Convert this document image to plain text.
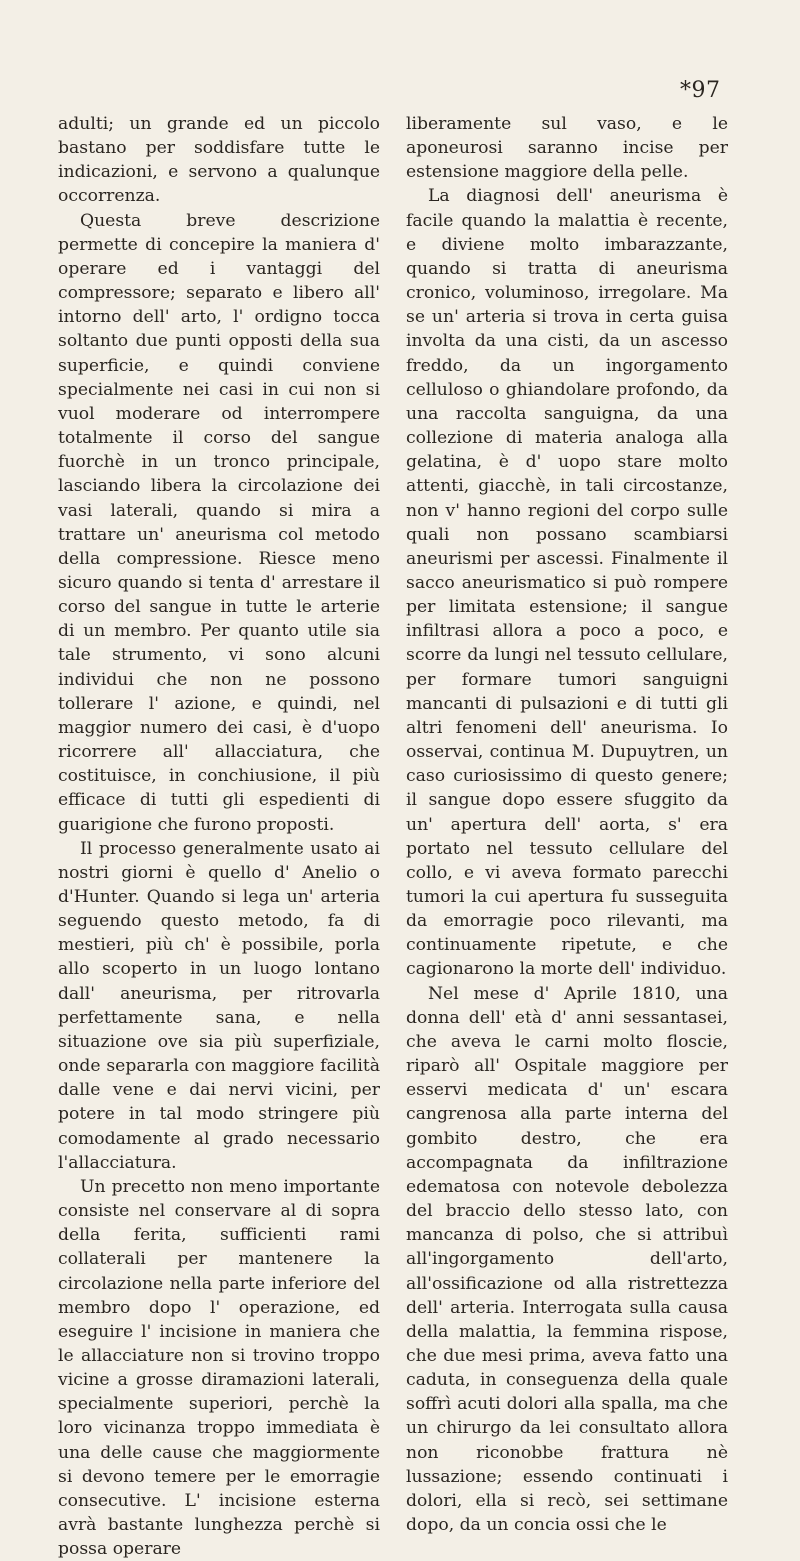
*97

adulti; un grande ed un piccolo bastano per soddisfare tutte le indicazioni, e servono a qualunque occorrenza.

Questa breve descrizione permette di concepire la maniera d' operare ed i vantaggi del compressore; separato e libero all' intorno dell' arto, l' ordigno tocca soltanto due punti opposti della sua superficie, e quindi conviene specialmente nei casi in cui non si vuol moderare od interrompere totalmente il corso del sangue fuorchè in un tronco principale, lasciando libera la circolazione dei vasi laterali, quando si mira a trattare un' aneurisma col metodo della compressione. Riesce meno sicuro quando si tenta d' arrestare il corso del sangue in tutte le arterie di un membro. Per quanto utile sia tale strumento, vi sono alcuni individui che non ne possono tollerare l' azione, e quindi, nel maggior numero dei casi, è d'uopo ricorrere all' allacciatura, che costituisce, in conchiusione, il più efficace di tutti gli espedienti di guarigione che furono proposti.

Il processo generalmente usato ai nostri giorni è quello d' Anelio o d'Hunter. Quando si lega un' arteria seguendo questo metodo, fa di mestieri, più ch' è possibile, porla allo scoperto in un luogo lontano dall' aneurisma, per ritrovarla perfettamente sana, e nella situazione ove sia più superfiziale, onde separarla con maggiore facilità dalle vene e dai nervi vicini, per potere in tal modo stringere più comodamente al grado necessario l'allacciatura.

Un precetto non meno importante consiste nel conservare al di sopra della ferita, sufficienti rami collaterali per mantenere la circolazione nella parte inferiore del membro dopo l' operazione, ed eseguire l' incisione in maniera che le allacciature non si trovino troppo vicine a grosse diramazioni laterali, specialmente superiori, perchè la loro vicinanza troppo immediata è una delle cause che maggiormente si devono temere per le emorragie consecutive. L' incisione esterna avrà bastante lunghezza perchè si possa operare

liberamente sul vaso, e le aponeurosi saranno incise per estensione maggiore della pelle.

La diagnosi dell' aneurisma è facile quando la malattia è recente, e diviene molto imbarazzante, quando si tratta di aneurisma cronico, voluminoso, irregolare. Ma se un' arteria si trova in certa guisa involta da una cisti, da un ascesso freddo, da un ingorgamento celluloso o ghiandolare profondo, da una raccolta sanguigna, da una collezione di materia analoga alla gelatina, è d' uopo stare molto attenti, giacchè, in tali circostanze, non v' hanno regioni del corpo sulle quali non possano scambiarsi aneurismi per ascessi. Finalmente il sacco aneurismatico si può rompere per limitata estensione; il sangue infiltrasi allora a poco a poco, e scorre da lungi nel tessuto cellulare, per formare tumori sanguigni mancanti di pulsazioni e di tutti gli altri fenomeni dell' aneurisma. Io osservai, continua M. Dupuytren, un caso curiosissimo di questo genere; il sangue dopo essere sfuggito da un' apertura dell' aorta, s' era portato nel tessuto cellulare del collo, e vi aveva formato parecchi tumori la cui apertura fu susseguita da emorragie poco rilevanti, ma continuamente ripetute, e che cagionarono la morte dell' individuo.

Nel mese d' Aprile 1810, una donna dell' età d' anni sessantasei, che aveva le carni molto floscie, riparò all' Ospitale maggiore per esservi medicata d' un' escara cangrenosa alla parte interna del gombito destro, che era accompagnata da infiltrazione edematosa con notevole debolezza del braccio dello stesso lato, con mancanza di polso, che si attribuì all'ingorgamento dell'arto, all'ossificazione od alla ristrettezza dell' arteria. Interrogata sulla causa della malattia, la femmina rispose, che due mesi prima, aveva fatto una caduta, in conseguenza della quale soffrì acuti dolori alla spalla, ma che un chirurgo da lei consultato allora non riconobbe frattura nè lussazione; essendo continuati i dolori, ella si recò, sei settimane dopo, da un concia ossi che le
